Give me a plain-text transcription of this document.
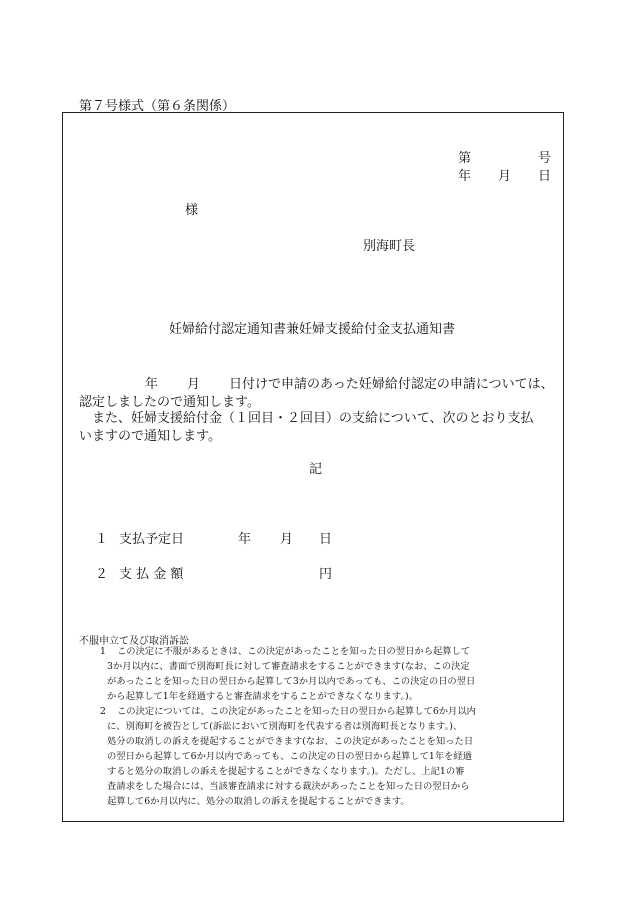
第７号様式（第６条関係）
第	号
年 月 日
様
別海町長
妊婦給付認定通知書兼妊婦支援給付金支払通知書
年 月 日付けで申請のあった妊婦給付認定の申請については、
認定しましたので通知します。
また、妊婦支援給付金（１回目・２回目）の支給について、次のとおり支払
いますので通知します。
記
１ 支払予定日	年 月 日
２ 支 払 金 額	円
不服申立て及び取消訴訟
1 この決定に不服があるときは、この決定があったことを知った日の翌日から起算して
3か月以内に、書面で別海町長に対して審査請求をすることができます(なお、この決定
があったことを知った日の翌日から起算して3か月以内であっても、この決定の日の翌日
から起算して1年を経過すると審査請求をすることができなくなります。)。
2 この決定については、この決定があったことを知った日の翌日から起算して6か月以内
に、別海町を被告として(訴訟において別海町を代表する者は別海町長となります。)、
処分の取消しの訴えを提起することができます(なお、この決定があったことを知った日
の翌日から起算して6か月以内であっても、この決定の日の翌日から起算して1年を経過
すると処分の取消しの訴えを提起することができなくなります。)。ただし、上記1の審
査請求をした場合には、当該審査請求に対する裁決があったことを知った日の翌日から
起算して6か月以内に、処分の取消しの訴えを提起することができます。
